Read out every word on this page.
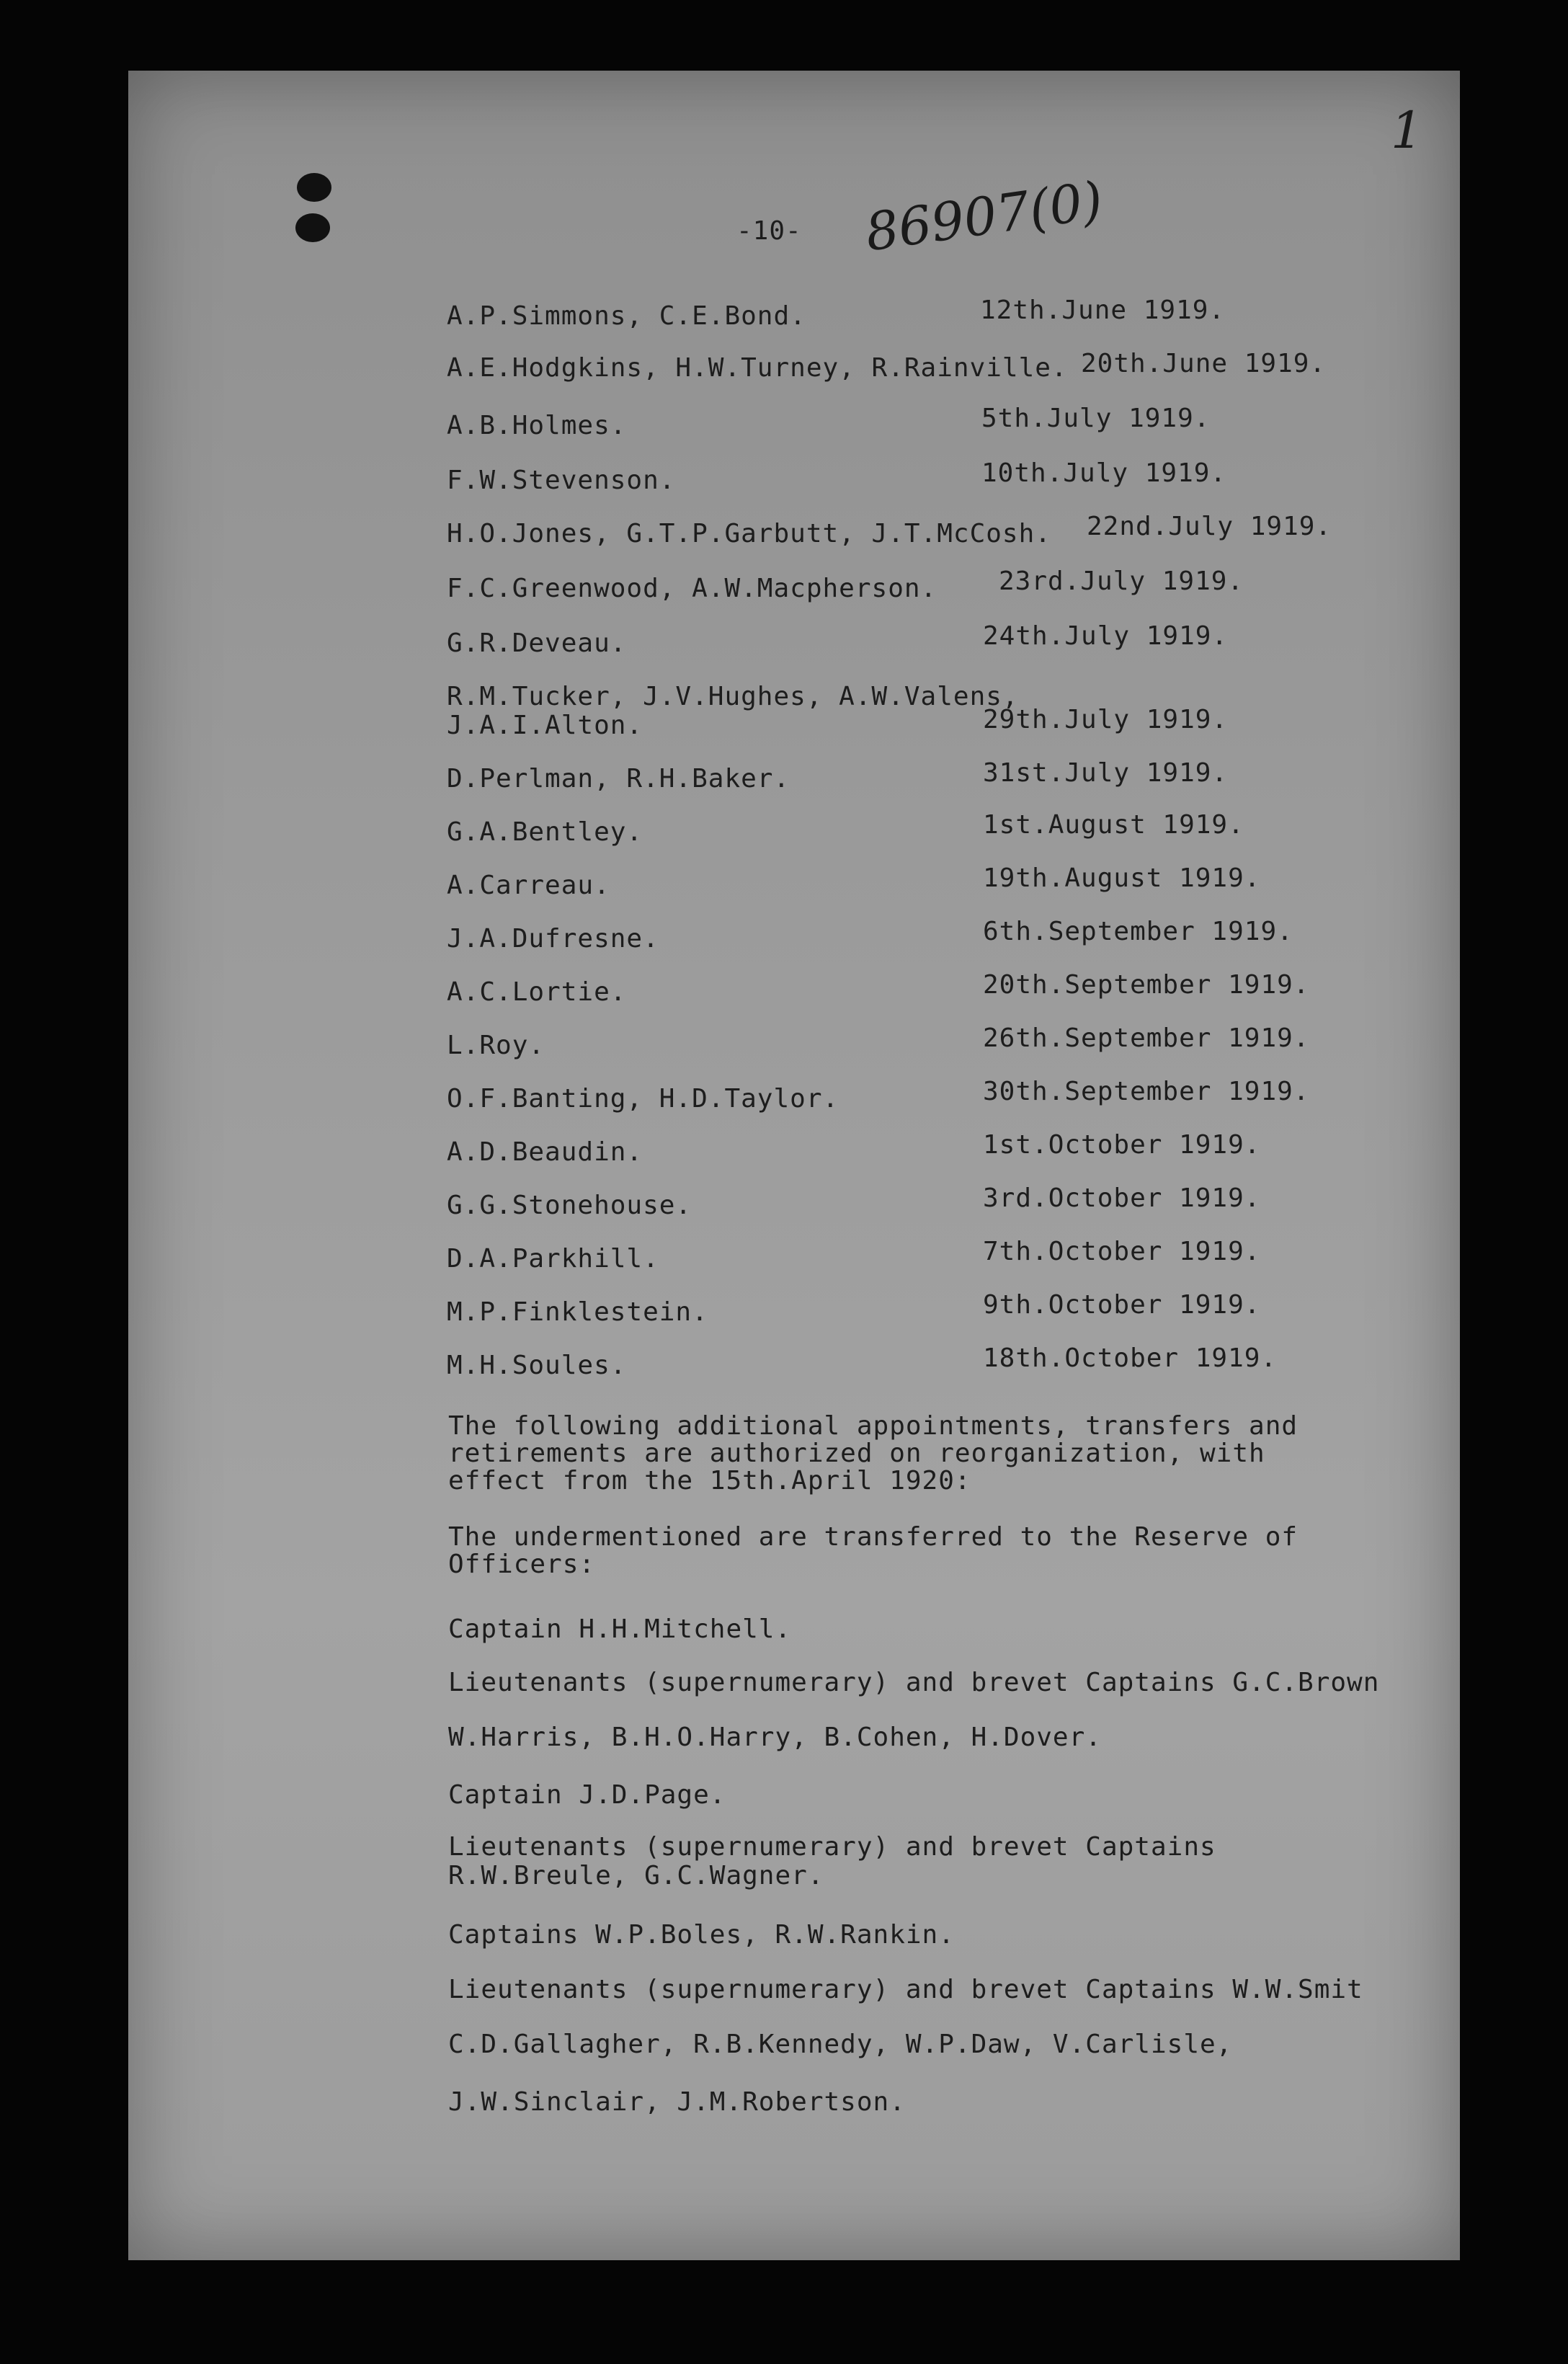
-10- 86907(0)
1
A.P.Simmons, C.E.Bond.	12th.June 1919.
A.E.Hodgkins, H.W.Turney, R.Rainville. 20th.June 1919.
A.B.Holmes.	5th.July 1919.
F.W.Stevenson.	10th.July 1919.
H.O.Jones, G.T.P.Garbutt, J.T.McCosh. 22nd.July 1919.
F.C.Greenwood, A.W.Macpherson. 23rd.July 1919.
G.R.Deveau.	24th.July 1919.
R.M.Tucker, J.V.Hughes, A.W.Valens,
J.A.I.Alton.	29th.July 1919.
D.Perlman, R.H.Baker.	31st.July 1919.
G.A.Bentley.	1st.August 1919.
A.Carreau.	19th.August 1919.
J.A.Dufresne.	6th.September 1919.
A.C.Lortie.	20th.September 1919.
L.Roy.	26th.September 1919.
O.F.Banting, H.D.Taylor.	30th.September 1919.
A.D.Beaudin.	1st.October 1919.
G.G.Stonehouse.	3rd.October 1919.
D.A.Parkhill.	7th.October 1919.
M.P.Finklestein.	9th.October 1919.
M.H.Soules.	18th.October 1919.
The following additional appointments, transfers and
retirements are authorized on reorganization, with
effect from the 15th.April 1920:
The undermentioned are transferred to the Reserve of
Officers:
Captain H.H.Mitchell.
Lieutenants (supernumerary) and brevet Captains G.C.Brown
W.Harris, B.H.O.Harry, B.Cohen, H.Dover.
Captain J.D.Page.
Lieutenants (supernumerary) and brevet Captains
R.W.Breule, G.C.Wagner.
Captains W.P.Boles, R.W.Rankin.
Lieutenants (supernumerary) and brevet Captains W.W.Smit
C.D.Gallagher, R.B.Kennedy, W.P.Daw, V.Carlisle,
J.W.Sinclair, J.M.Robertson.
